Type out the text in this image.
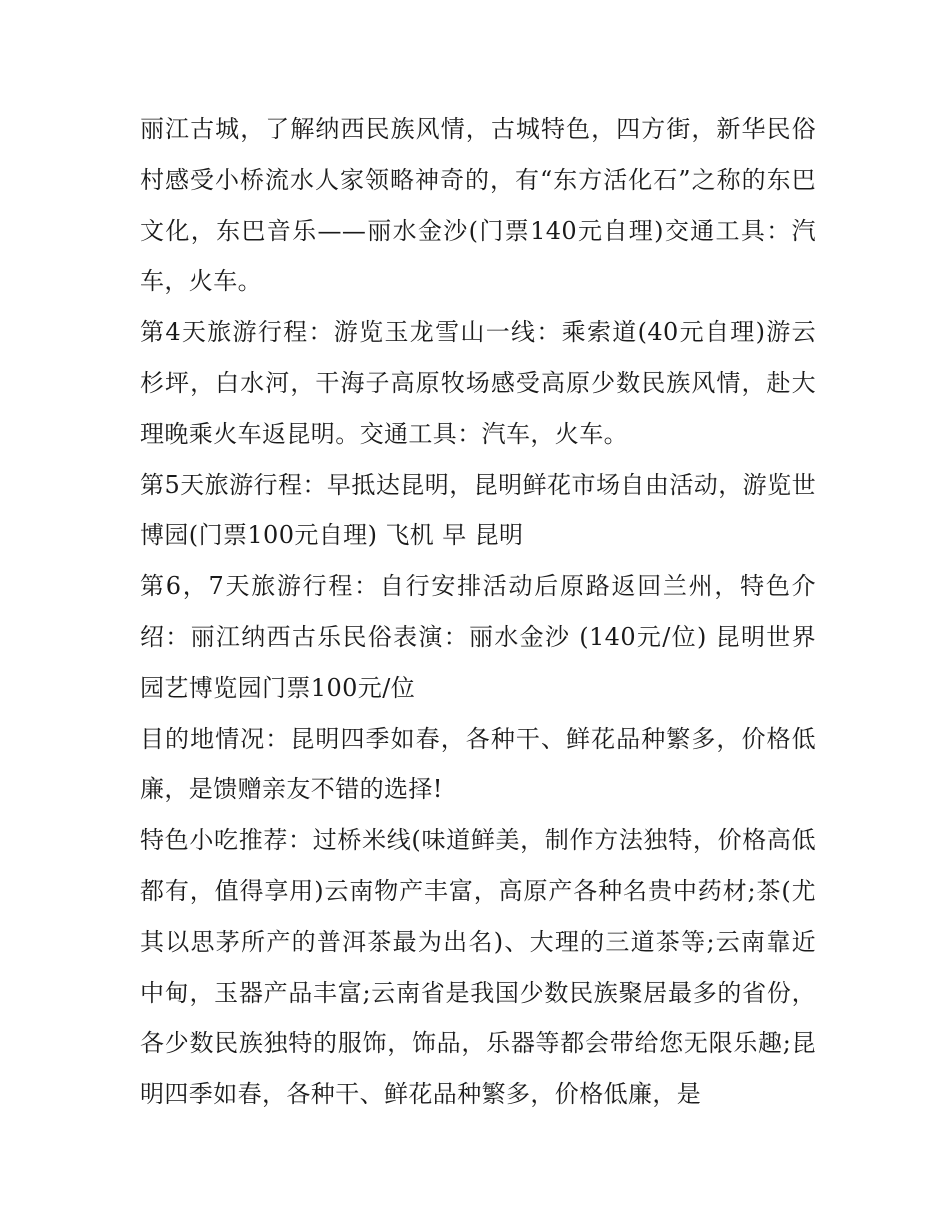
丽江古城，了解纳西民族风情，古城特色，四方街，新华民俗村感受小桥流水人家领略神奇的，有“东方活化石”之称的东巴文化，东巴音乐——丽水金沙(门票140元自理)交通工具：汽车，火车。

第4天旅游行程：游览玉龙雪山一线：乘索道(40元自理)游云杉坪，白水河，干海子高原牧场感受高原少数民族风情，赴大理晚乘火车返昆明。交通工具：汽车，火车。

第5天旅游行程：早抵达昆明，昆明鲜花市场自由活动，游览世博园(门票100元自理) 飞机 早 昆明

第6，7天旅游行程：自行安排活动后原路返回兰州，特色介绍：丽江纳西古乐民俗表演：丽水金沙 (140元/位) 昆明世界园艺博览园门票100元/位

目的地情况：昆明四季如春，各种干、鲜花品种繁多，价格低廉，是馈赠亲友不错的选择!

特色小吃推荐：过桥米线(味道鲜美，制作方法独特，价格高低都有，值得享用)云南物产丰富，高原产各种名贵中药材;茶(尤其以思茅所产的普洱茶最为出名)、大理的三道茶等;云南靠近中甸，玉器产品丰富;云南省是我国少数民族聚居最多的省份，各少数民族独特的服饰，饰品，乐器等都会带给您无限乐趣;昆明四季如春，各种干、鲜花品种繁多，价格低廉，是
